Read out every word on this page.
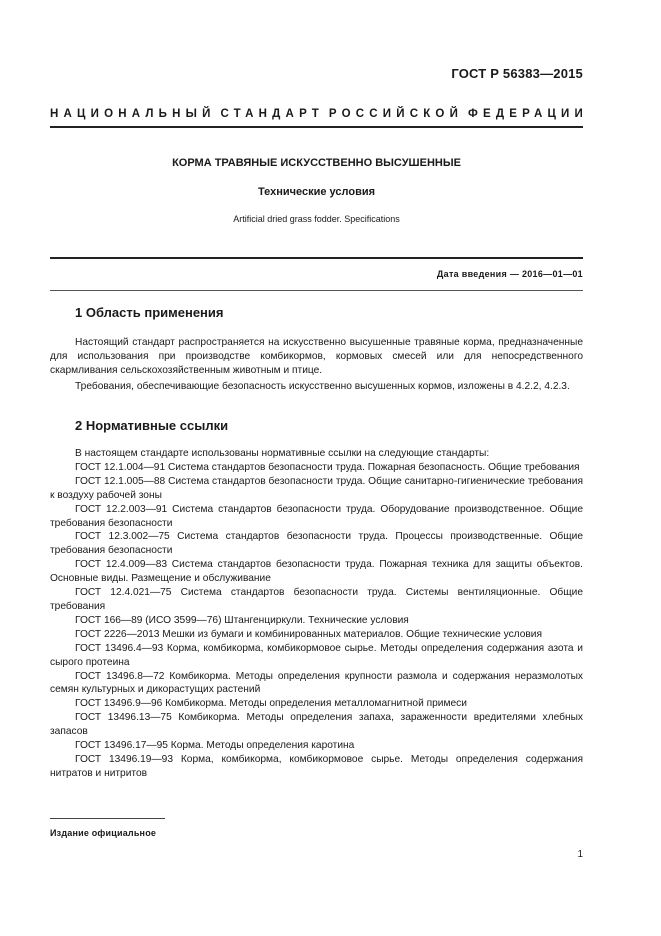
ГОСТ Р 56383—2015
НАЦИОНАЛЬНЫЙ СТАНДАРТ РОССИЙСКОЙ ФЕДЕРАЦИИ
КОРМА ТРАВЯНЫЕ ИСКУССТВЕННО ВЫСУШЕННЫЕ
Технические условия
Artificial dried grass fodder. Specifications
Дата введения — 2016—01—01
1 Область применения

Настоящий стандарт распространяется на искусственно высушенные травяные корма, предназначенные для использования при производстве комбикормов, кормовых смесей или для непосредственного скармливания сельскохозяйственным животным и птице.

Требования, обеспечивающие безопасность искусственно высушенных кормов, изложены в 4.2.2, 4.2.3.

2 Нормативные ссылки

В настоящем стандарте использованы нормативные ссылки на следующие стандарты:

ГОСТ 12.1.004—91 Система стандартов безопасности труда. Пожарная безопасность. Общие требования

ГОСТ 12.1.005—88 Система стандартов безопасности труда. Общие санитарно-гигиенические требования к воздуху рабочей зоны

ГОСТ 12.2.003—91 Система стандартов безопасности труда. Оборудование производственное. Общие требования безопасности

ГОСТ 12.3.002—75 Система стандартов безопасности труда. Процессы производственные. Общие требования безопасности

ГОСТ 12.4.009—83 Система стандартов безопасности труда. Пожарная техника для защиты объектов. Основные виды. Размещение и обслуживание

ГОСТ 12.4.021—75 Система стандартов безопасности труда. Системы вентиляционные. Общие требования

ГОСТ 166—89 (ИСО 3599—76) Штангенциркули. Технические условия

ГОСТ 2226—2013 Мешки из бумаги и комбинированных материалов. Общие технические условия

ГОСТ 13496.4—93 Корма, комбикорма, комбикормовое сырье. Методы определения содержания азота и сырого протеина

ГОСТ 13496.8—72 Комбикорма. Методы определения крупности размола и содержания неразмолотых семян культурных и дикорастущих растений

ГОСТ 13496.9—96 Комбикорма. Методы определения металломагнитной примеси

ГОСТ 13496.13—75 Комбикорма. Методы определения запаха, зараженности вредителями хлебных запасов

ГОСТ 13496.17—95 Корма. Методы определения каротина

ГОСТ 13496.19—93 Корма, комбикорма, комбикормовое сырье. Методы определения содержания нитратов и нитритов

Издание официальное
1
